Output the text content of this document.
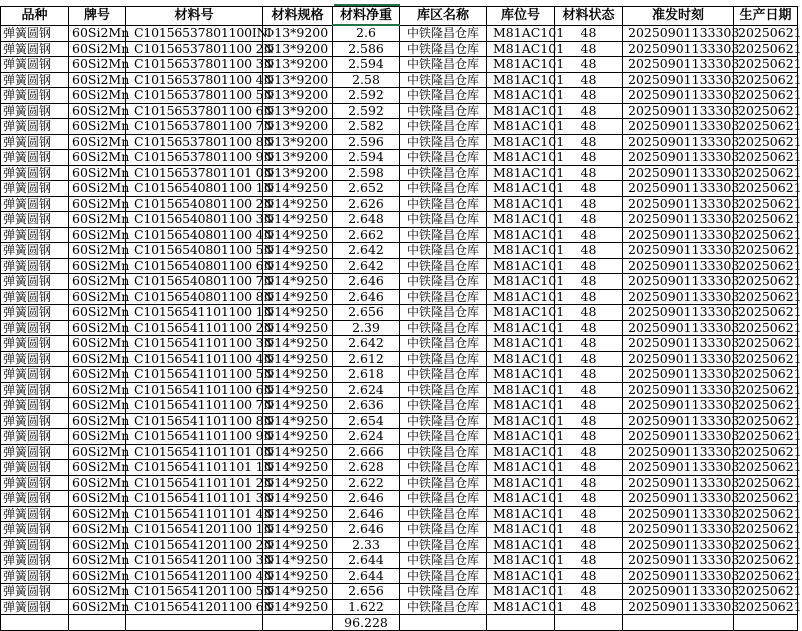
品种	牌号	材料号	材料规格	材料净重	库区名称	库位号	材料状态	准发时刻	生产日期
弹簧圆钢	60Si2Mn	C10156537801100IN	Φ13*9200	2.6	中铁隆昌仓库	M81AC101	48	20250901133303	20250621
弹簧圆钢	60Si2Mn	C10156537801100 2N	Φ13*9200	2.586	中铁隆昌仓库	M81AC101	48	20250901133303	20250621
弹簧圆钢	60Si2Mn	C10156537801100 3N	Φ13*9200	2.594	中铁隆昌仓库	M81AC101	48	20250901133303	20250621
弹簧圆钢	60Si2Mn	C10156537801100 4N	Φ13*9200	2.58	中铁隆昌仓库	M81AC101	48	20250901133303	20250621
弹簧圆钢	60Si2Mn	C10156537801100 5N	Φ13*9200	2.592	中铁隆昌仓库	M81AC101	48	20250901133303	20250621
弹簧圆钢	60Si2Mn	C10156537801100 6N	Φ13*9200	2.592	中铁隆昌仓库	M81AC101	48	20250901133303	20250621
弹簧圆钢	60Si2Mn	C10156537801100 7N	Φ13*9200	2.582	中铁隆昌仓库	M81AC101	48	20250901133303	20250621
弹簧圆钢	60Si2Mn	C10156537801100 8N	Φ13*9200	2.596	中铁隆昌仓库	M81AC101	48	20250901133303	20250621
弹簧圆钢	60Si2Mn	C10156537801100 9N	Φ13*9200	2.594	中铁隆昌仓库	M81AC101	48	20250901133303	20250621
弹簧圆钢	60Si2Mn	C10156537801101 0N	Φ13*9200	2.598	中铁隆昌仓库	M81AC101	48	20250901133303	20250621
弹簧圆钢	60Si2Mn	C10156540801100 1N	Φ14*9250	2.652	中铁隆昌仓库	M81AC101	48	20250901133303	20250621
弹簧圆钢	60Si2Mn	C10156540801100 2N	Φ14*9250	2.626	中铁隆昌仓库	M81AC101	48	20250901133303	20250621
弹簧圆钢	60Si2Mn	C10156540801100 3N	Φ14*9250	2.648	中铁隆昌仓库	M81AC101	48	20250901133303	20250621
弹簧圆钢	60Si2Mn	C10156540801100 4N	Φ14*9250	2.662	中铁隆昌仓库	M81AC101	48	20250901133303	20250621
弹簧圆钢	60Si2Mn	C10156540801100 5N	Φ14*9250	2.642	中铁隆昌仓库	M81AC101	48	20250901133303	20250621
弹簧圆钢	60Si2Mn	C10156540801100 6N	Φ14*9250	2.642	中铁隆昌仓库	M81AC101	48	20250901133303	20250621
弹簧圆钢	60Si2Mn	C10156540801100 7N	Φ14*9250	2.646	中铁隆昌仓库	M81AC101	48	20250901133303	20250621
弹簧圆钢	60Si2Mn	C10156540801100 8N	Φ14*9250	2.646	中铁隆昌仓库	M81AC101	48	20250901133303	20250621
弹簧圆钢	60Si2Mn	C10156541101100 1N	Φ14*9250	2.656	中铁隆昌仓库	M81AC101	48	20250901133303	20250621
弹簧圆钢	60Si2Mn	C10156541101100 2N	Φ14*9250	2.39	中铁隆昌仓库	M81AC101	48	20250901133303	20250621
弹簧圆钢	60Si2Mn	C10156541101100 3N	Φ14*9250	2.642	中铁隆昌仓库	M81AC101	48	20250901133303	20250621
弹簧圆钢	60Si2Mn	C10156541101100 4N	Φ14*9250	2.612	中铁隆昌仓库	M81AC101	48	20250901133303	20250621
弹簧圆钢	60Si2Mn	C10156541101100 5N	Φ14*9250	2.618	中铁隆昌仓库	M81AC101	48	20250901133303	20250621
弹簧圆钢	60Si2Mn	C10156541101100 6N	Φ14*9250	2.624	中铁隆昌仓库	M81AC101	48	20250901133303	20250621
弹簧圆钢	60Si2Mn	C10156541101100 7N	Φ14*9250	2.636	中铁隆昌仓库	M81AC101	48	20250901133303	20250621
弹簧圆钢	60Si2Mn	C10156541101100 8N	Φ14*9250	2.654	中铁隆昌仓库	M81AC101	48	20250901133303	20250621
弹簧圆钢	60Si2Mn	C10156541101100 9N	Φ14*9250	2.624	中铁隆昌仓库	M81AC101	48	20250901133303	20250621
弹簧圆钢	60Si2Mn	C10156541101101 0N	Φ14*9250	2.666	中铁隆昌仓库	M81AC101	48	20250901133303	20250621
弹簧圆钢	60Si2Mn	C10156541101101 1N	Φ14*9250	2.628	中铁隆昌仓库	M81AC101	48	20250901133303	20250621
弹簧圆钢	60Si2Mn	C10156541101101 2N	Φ14*9250	2.622	中铁隆昌仓库	M81AC101	48	20250901133303	20250621
弹簧圆钢	60Si2Mn	C10156541101101 3N	Φ14*9250	2.646	中铁隆昌仓库	M81AC101	48	20250901133303	20250621
弹簧圆钢	60Si2Mn	C10156541101101 4N	Φ14*9250	2.646	中铁隆昌仓库	M81AC101	48	20250901133303	20250621
弹簧圆钢	60Si2Mn	C10156541201100 1N	Φ14*9250	2.646	中铁隆昌仓库	M81AC101	48	20250901133303	20250621
弹簧圆钢	60Si2Mn	C10156541201100 2N	Φ14*9250	2.33	中铁隆昌仓库	M81AC101	48	20250901133303	20250621
弹簧圆钢	60Si2Mn	C10156541201100 3N	Φ14*9250	2.644	中铁隆昌仓库	M81AC101	48	20250901133303	20250621
弹簧圆钢	60Si2Mn	C10156541201100 4N	Φ14*9250	2.644	中铁隆昌仓库	M81AC101	48	20250901133303	20250621
弹簧圆钢	60Si2Mn	C10156541201100 5N	Φ14*9250	2.656	中铁隆昌仓库	M81AC101	48	20250901133303	20250621
弹簧圆钢	60Si2Mn	C10156541201100 6N	Φ14*9250	1.622	中铁隆昌仓库	M81AC101	48	20250901133303	20250621
				96.228					
